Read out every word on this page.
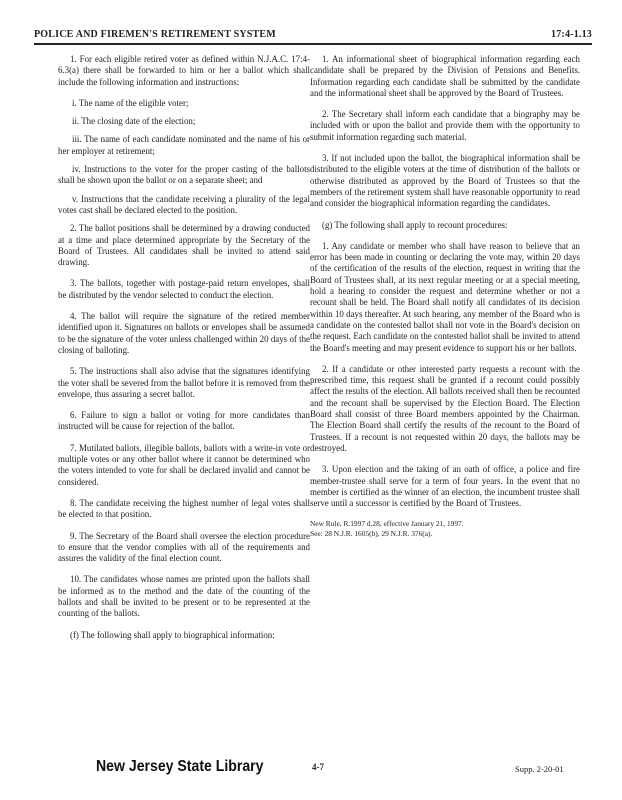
POLICE AND FIREMEN'S RETIREMENT SYSTEM	17:4-1.13

1. For each eligible retired voter as defined within N.J.A.C. 17:4-6.3(a) there shall be forwarded to him or her a ballot which shall include the following information and instructions:

i. The name of the eligible voter;

ii. The closing date of the election;

iii. The name of each candidate nominated and the name of his or her employer at retirement;

iv. Instructions to the voter for the proper casting of the ballots shall be shown upon the ballot or on a separate sheet; and

v. Instructions that the candidate receiving a plurality of the legal votes cast shall be declared elected to the position.

2. The ballot positions shall be determined by a drawing conducted at a time and place determined appropriate by the Secretary of the Board of Trustees. All candidates shall be invited to attend said drawing.

3. The ballots, together with postage-paid return envelopes, shall be distributed by the vendor selected to conduct the election.

4. The ballot will require the signature of the retired member identified upon it. Signatures on ballots or envelopes shall be assumed to be the signature of the voter unless challenged within 20 days of the closing of balloting.

5. The instructions shall also advise that the signatures identifying the voter shall be severed from the ballot before it is removed from the envelope, thus assuring a secret ballot.

6. Failure to sign a ballot or voting for more candidates than instructed will be cause for rejection of the ballot.

7. Mutilated ballots, illegible ballots, ballots with a write-in vote or multiple votes or any other ballot where it cannot be determined who the voters intended to vote for shall be declared invalid and cannot be considered.

8. The candidate receiving the highest number of legal votes shall be elected to that position.

9. The Secretary of the Board shall oversee the election procedure to ensure that the vendor complies with all of the requirements and assures the validity of the final election count.

10. The candidates whose names are printed upon the ballots shall be informed as to the method and the date of the counting of the ballots and shall be invited to be present or to be represented at the counting of the ballots.

(f) The following shall apply to biographical information:

1. An informational sheet of biographical information regarding each candidate shall be prepared by the Division of Pensions and Benefits. Information regarding each candidate shall be submitted by the candidate and the informational sheet shall be approved by the Board of Trustees.

2. The Secretary shall inform each candidate that a biography may be included with or upon the ballot and provide them with the opportunity to submit information regarding such material.

3. If not included upon the ballot, the biographical information shall be distributed to the eligible voters at the time of distribution of the ballots or otherwise distributed as approved by the Board of Trustees so that the members of the retirement system shall have reasonable opportunity to read and consider the biographical information regarding the candidates.

(g) The following shall apply to recount procedures:

1. Any candidate or member who shall have reason to believe that an error has been made in counting or declaring the vote may, within 20 days of the certification of the results of the election, request in writing that the Board of Trustees shall, at its next regular meeting or at a special meeting, hold a hearing to consider the request and determine whether or not a recount shall be held. The Board shall notify all candidates of its decision within 10 days thereafter. At such hearing, any member of the Board who is a candidate on the contested ballot shall not vote in the Board's decision on the request. Each candidate on the contested ballot shall be invited to attend the Board's meeting and may present evidence to support his or her ballots.

2. If a candidate or other interested party requests a recount with the prescribed time, this request shall be granted if a recount could possibly affect the results of the election. All ballots received shall then be recounted and the recount shall be supervised by the Election Board. The Election Board shall consist of three Board members appointed by the Chairman. The Election Board shall certify the results of the recount to the Board of Trustees. If a recount is not requested within 20 days, the ballots may be destroyed.

3. Upon election and the taking of an oath of office, a police and fire member-trustee shall serve for a term of four years. In the event that no member is certified as the winner of an election, the incumbent trustee shall serve until a successor is certified by the Board of Trustees.

New Rule, R.1997 d.28, effective January 21, 1997.
See: 28 N.J.R. 1605(b), 29 N.J.R. 376(a).
New Jersey State Library	4-7	Supp. 2-20-01
